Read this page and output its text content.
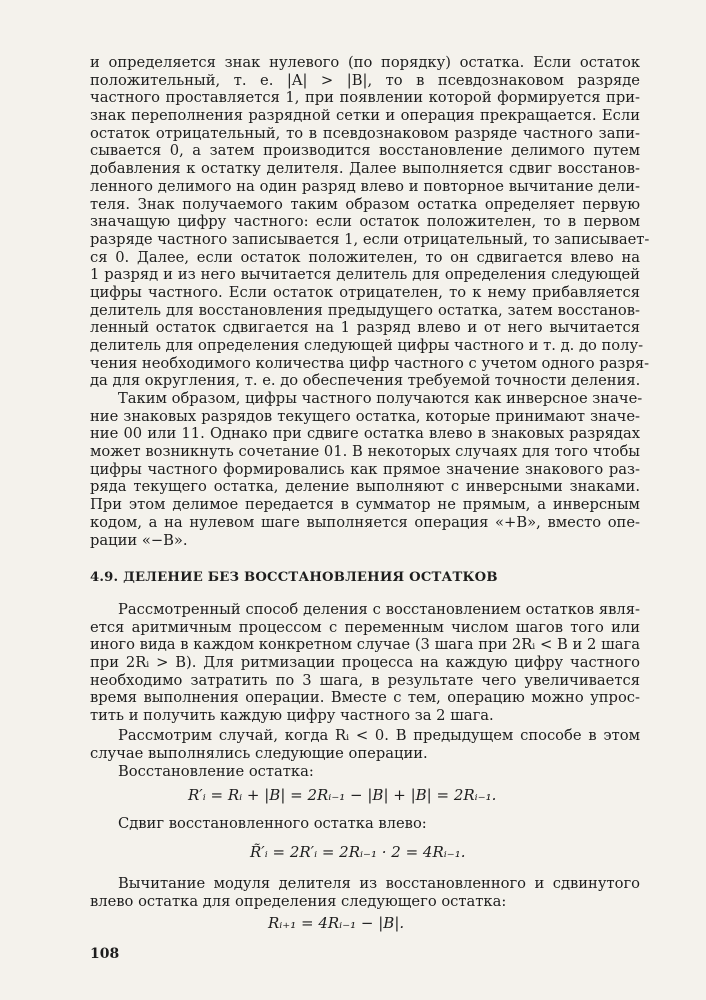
и определяется знак нулевого (по порядку) остатка. Если остаток
положительный, т. е. |A| > |B|, то в псевдознаковом разряде
частного проставляется 1, при появлении которой формируется при-
знак переполнения разрядной сетки и операция прекращается. Если
остаток отрицательный, то в псевдознаковом разряде частного запи-
сывается 0, а затем производится восстановление делимого путем
добавления к остатку делителя. Далее выполняется сдвиг восстанов-
ленного делимого на один разряд влево и повторное вычитание дели-
теля. Знак получаемого таким образом остатка определяет первую
значащую цифру частного: если остаток положителен, то в первом
разряде частного записывается 1, если отрицательный, то записывает-
ся 0. Далее, если остаток положителен, то он сдвигается влево на
1 разряд и из него вычитается делитель для определения следующей
цифры частного. Если остаток отрицателен, то к нему прибавляется
делитель для восстановления предыдущего остатка, затем восстанов-
ленный остаток сдвигается на 1 разряд влево и от него вычитается
делитель для определения следующей цифры частного и т. д. до полу-
чения необходимого количества цифр частного с учетом одного разря-
да для округления, т. е. до обеспечения требуемой точности деления.
Таким образом, цифры частного получаются как инверсное значе-
ние знаковых разрядов текущего остатка, которые принимают значе-
ние 00 или 11. Однако при сдвиге остатка влево в знаковых разрядах
может возникнуть сочетание 01. В некоторых случаях для того чтобы
цифры частного формировались как прямое значение знакового раз-
ряда текущего остатка, деление выполняют с инверсными знаками.
При этом делимое передается в сумматор не прямым, а инверсным
кодом, а на нулевом шаге выполняется операция «+B», вместо опе-
рации «−B».
4.9. ДЕЛЕНИЕ БЕЗ ВОССТАНОВЛЕНИЯ ОСТАТКОВ
Рассмотренный способ деления с восстановлением остатков явля-
ется аритмичным процессом с переменным числом шагов того или
иного вида в каждом конкретном случае (3 шага при 2Rᵢ < B и 2 шага
при 2Rᵢ > B). Для ритмизации процесса на каждую цифру частного
необходимо затратить по 3 шага, в результате чего увеличивается
время выполнения операции. Вместе с тем, операцию можно упрос-
тить и получить каждую цифру частного за 2 шага.
Рассмотрим случай, когда Rᵢ < 0. В предыдущем способе в этом
случае выполнялись следующие операции.
Восстановление остатка:
R′ᵢ = Rᵢ + |B| = 2Rᵢ₋₁ − |B| + |B| = 2Rᵢ₋₁.
Сдвиг восстановленного остатка влево:
R̃′ᵢ = 2R′ᵢ = 2Rᵢ₋₁ · 2 = 4Rᵢ₋₁.
Вычитание модуля делителя из восстановленного и сдвинутого
влево остатка для определения следующего остатка:
Rᵢ₊₁ = 4Rᵢ₋₁ − |B|.
108
